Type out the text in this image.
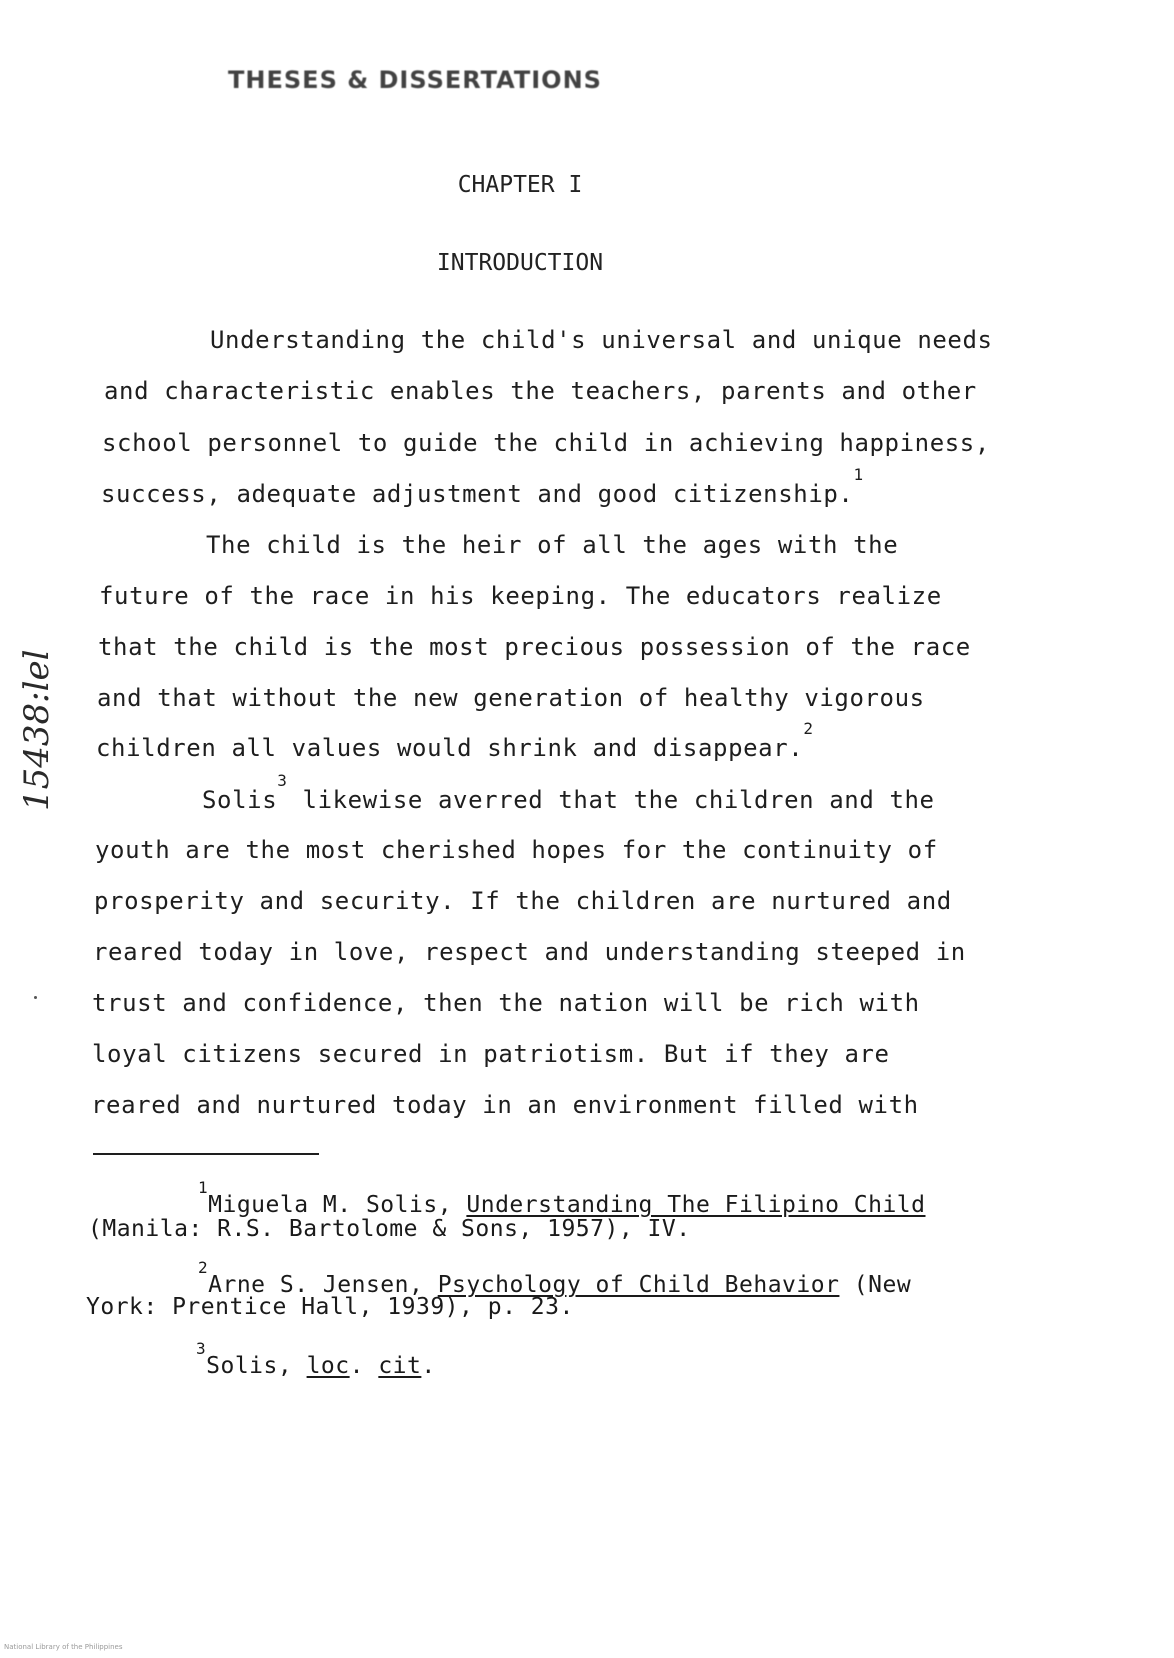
THESES & DISSERTATIONS
CHAPTER I
INTRODUCTION
15438:lel
Understanding the child's universal and unique needs
and characteristic enables the teachers, parents and other
school personnel to guide the child in achieving happiness,
success, adequate adjustment and good citizenship.$^1$
The child is the heir of all the ages with the
future of the race in his keeping. The educators realize
that the child is the most precious possession of the race
and that without the new generation of healthy vigorous
children all values would shrink and disappear.$^2$
Solis$^3$ likewise averred that the children and the
youth are the most cherished hopes for the continuity of
prosperity and security. If the children are nurtured and
reared today in love, respect and understanding steeped in
trust and confidence, then the nation will be rich with
loyal citizens secured in patriotism. But if they are
reared and nurtured today in an environment filled with
$^1$Miguela M. Solis, Understanding The Filipino Child
(Manila: R.S. Bartolome & Sons, 1957), IV.
$^2$Arne S. Jensen, Psychology of Child Behavior (New
York: Prentice Hall, 1939), p. 23.
$^3$Solis, loc. cit.
National Library of the Philippines
